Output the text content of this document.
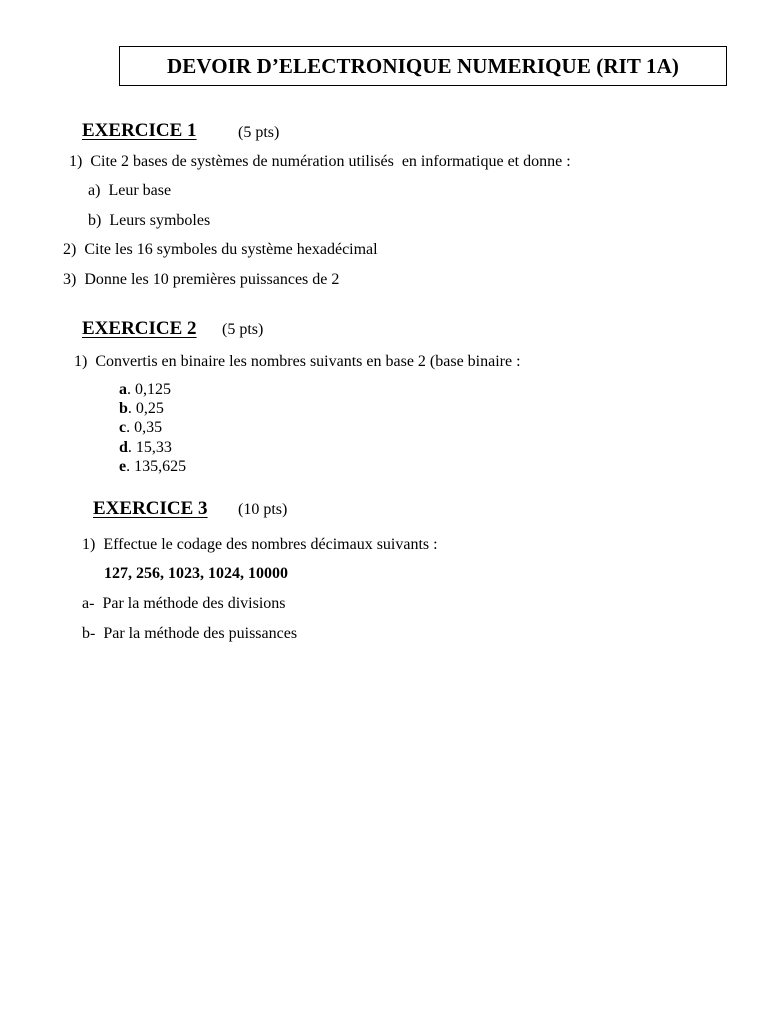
DEVOIR D’ELECTRONIQUE NUMERIQUE (RIT 1A)
EXERCICE 1	(5 pts)
1) Cite 2 bases de systèmes de numération utilisés  en informatique et donne :
a) Leur base
b) Leurs symboles
2) Cite les 16 symboles du système hexadécimal
3) Donne les 10 premières puissances de 2
EXERCICE 2 (5 pts)
1) Convertis en binaire les nombres suivants en base 2 (base binaire :
a. 0,125
b. 0,25
c. 0,35
d. 15,33
e. 135,625
EXERCICE 3 (10 pts)
1) Effectue le codage des nombres décimaux suivants :
127, 256, 1023, 1024, 10000
a- Par la méthode des divisions
b- Par la méthode des puissances
